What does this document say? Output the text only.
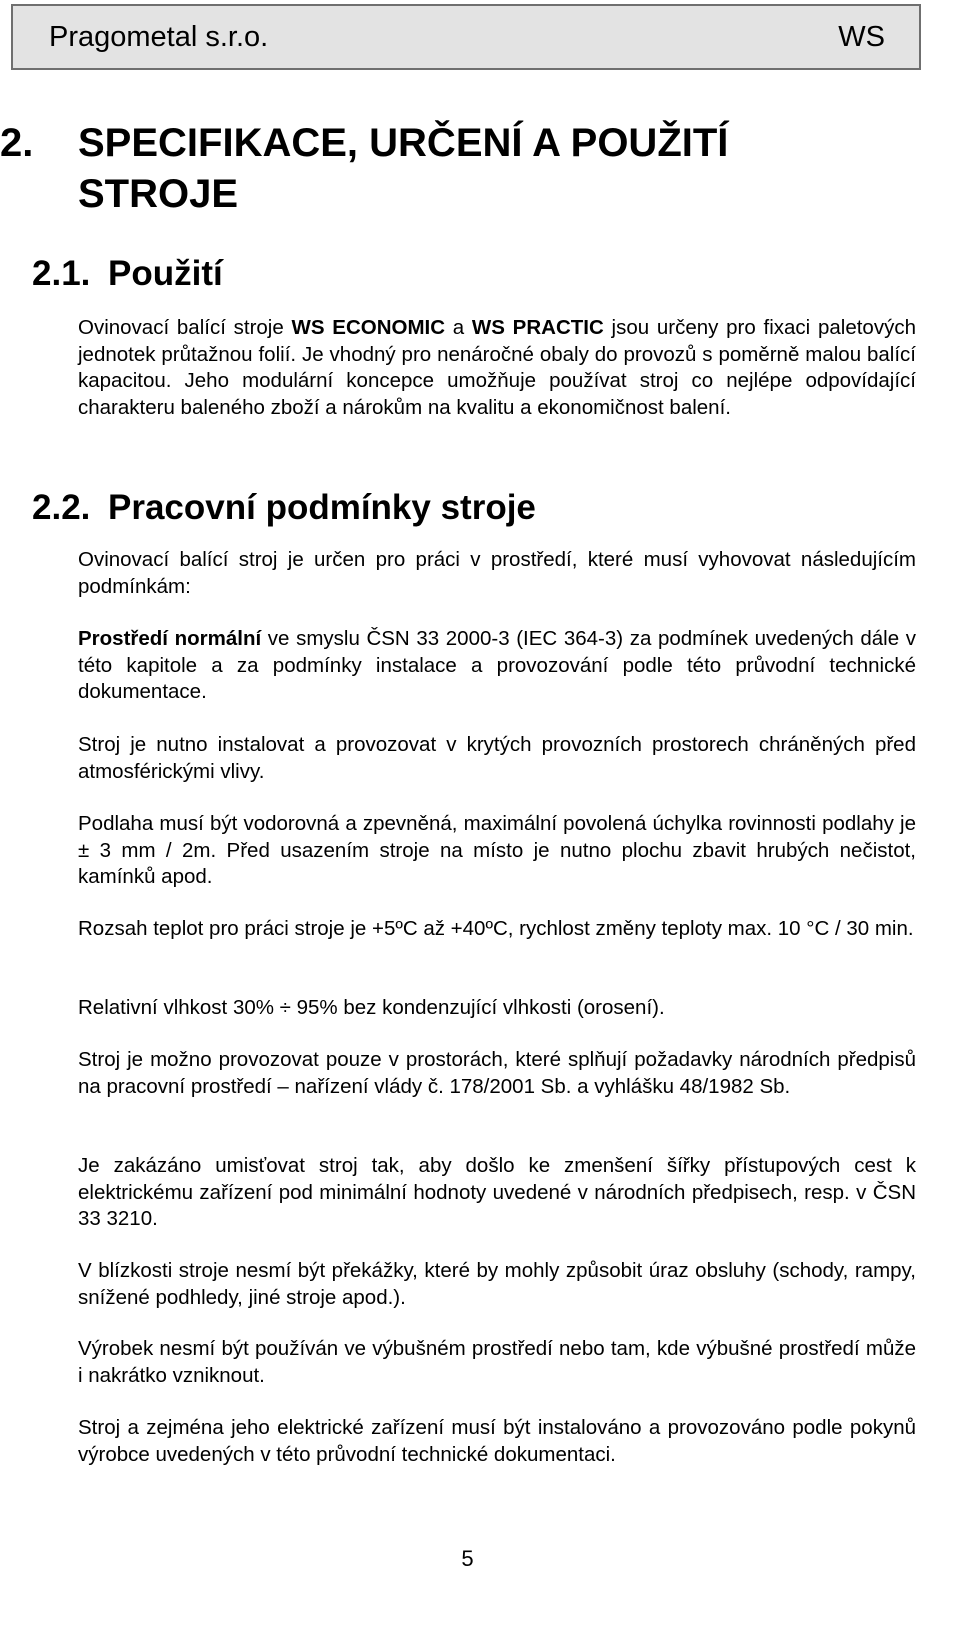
Pragometal s.r.o.	WS
2. SPECIFIKACE, URČENÍ A POUŽITÍ STROJE
2.1. Použití
Ovinovací balící stroje WS ECONOMIC a WS PRACTIC jsou určeny pro fixaci paletových jednotek průtažnou folií. Je vhodný pro nenáročné obaly do provozů s poměrně malou balící kapacitou. Jeho modulární koncepce umožňuje používat stroj co nejlépe odpovídající charakteru baleného zboží a nárokům na kvalitu a ekonomičnost balení.
2.2. Pracovní podmínky stroje
Ovinovací balící stroj je určen pro práci v prostředí, které musí vyhovovat následujícím podmínkám:
Prostředí normální ve smyslu ČSN 33 2000-3 (IEC 364-3) za podmínek uvedených dále v této kapitole a za podmínky instalace a provozování podle této průvodní technické dokumentace.
Stroj je nutno instalovat a provozovat v krytých provozních prostorech chráněných před atmosférickými vlivy.
Podlaha musí být vodorovná a zpevněná, maximální povolená úchylka rovinnosti podlahy je ± 3 mm / 2m. Před usazením stroje na místo je nutno plochu zbavit hrubých nečistot, kamínků apod.
Rozsah teplot pro práci stroje je +5ºC až +40ºC, rychlost změny teploty max. 10 °C / 30 min.
Relativní vlhkost 30% ÷ 95% bez kondenzující vlhkosti (orosení).
Stroj je možno provozovat pouze v prostorách, které splňují požadavky národních předpisů na pracovní prostředí – nařízení vlády č. 178/2001 Sb. a vyhlášku 48/1982 Sb.
Je zakázáno umisťovat stroj tak, aby došlo ke zmenšení šířky přístupových cest k elektrickému zařízení pod minimální hodnoty uvedené v národních předpisech, resp. v ČSN 33 3210.
V blízkosti stroje nesmí být překážky, které by mohly způsobit úraz obsluhy (schody, rampy, snížené podhledy, jiné stroje apod.).
Výrobek nesmí být používán ve výbušném prostředí nebo tam, kde výbušné prostředí může i nakrátko vzniknout.
Stroj a zejména jeho elektrické zařízení musí být instalováno a provozováno podle pokynů výrobce uvedených v této průvodní technické dokumentaci.
5
